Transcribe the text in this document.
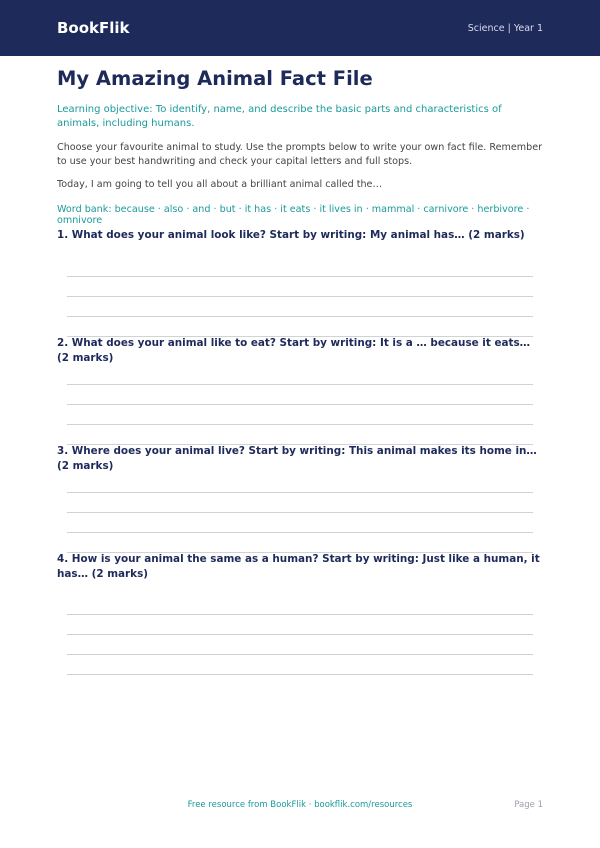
BookFlik	Science | Year 1
My Amazing Animal Fact File
Learning objective: To identify, name, and describe the basic parts and characteristics of animals, including humans.
Choose your favourite animal to study. Use the prompts below to write your own fact file. Remember to use your best handwriting and check your capital letters and full stops.
Today, I am going to tell you all about a brilliant animal called the…
Word bank: because · also · and · but · it has · it eats · it lives in · mammal · carnivore · herbivore · omnivore
1. What does your animal look like? Start by writing: My animal has… (2 marks)
2. What does your animal like to eat? Start by writing: It is a … because it eats… (2 marks)
3. Where does your animal live? Start by writing: This animal makes its home in… (2 marks)
4. How is your animal the same as a human? Start by writing: Just like a human, it has… (2 marks)
Free resource from BookFlik · bookflik.com/resources	Page 1
